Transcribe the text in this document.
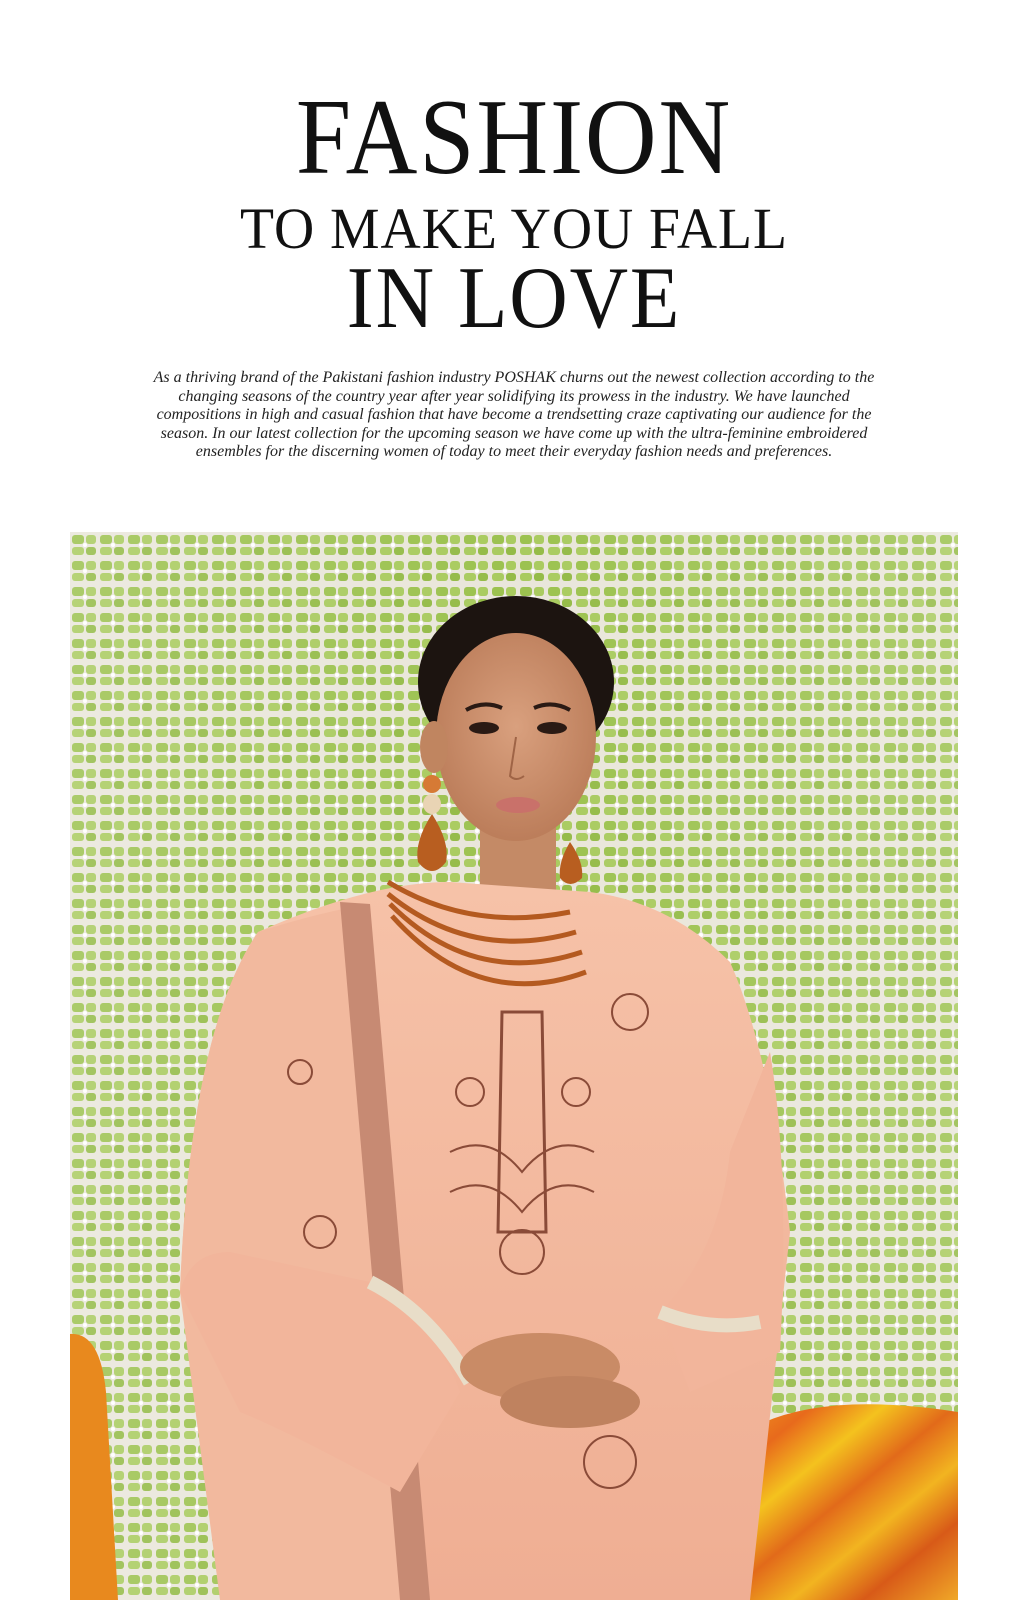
FASHION
TO MAKE YOU FALL
IN LOVE

As a thriving brand of the Pakistani fashion industry POSHAK churns out the newest collection according to the changing seasons of the country year after year solidifying its prowess in the industry. We have launched compositions in high and casual fashion that have become a trendsetting craze captivating our audience for the season. In our latest collection for the upcoming season we have come up with the ultra-feminine embroidered ensembles for the discerning women of today to meet their everyday fashion needs and preferences.
